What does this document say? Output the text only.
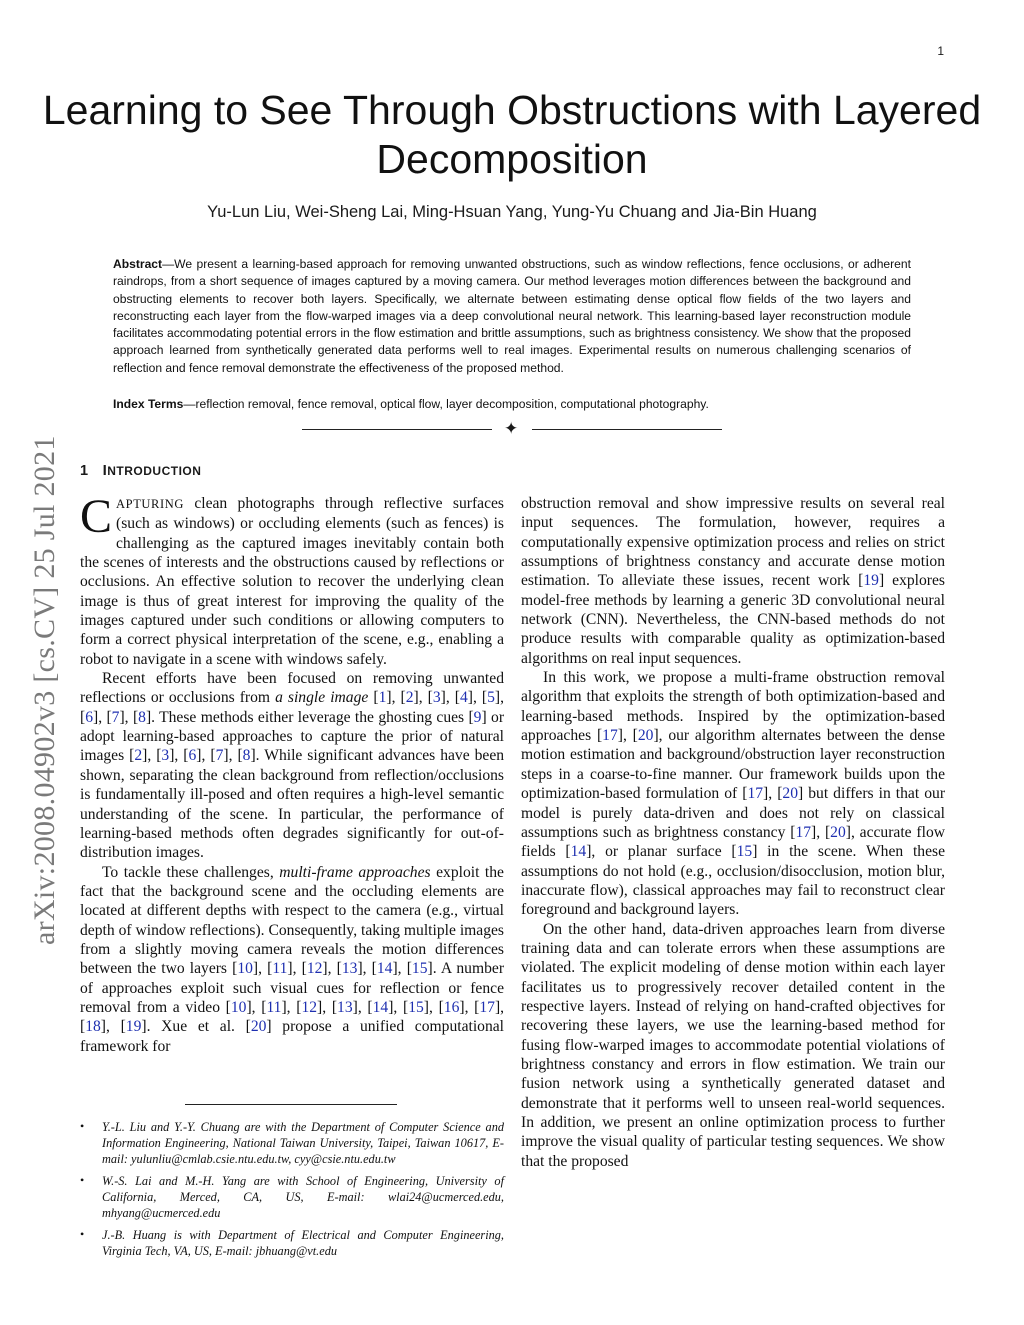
1
arXiv:2008.04902v3 [cs.CV] 25 Jul 2021
Learning to See Through Obstructions with Layered Decomposition
Yu-Lun Liu, Wei-Sheng Lai, Ming-Hsuan Yang, Yung-Yu Chuang and Jia-Bin Huang
Abstract—We present a learning-based approach for removing unwanted obstructions, such as window reflections, fence occlusions, or adherent raindrops, from a short sequence of images captured by a moving camera. Our method leverages motion differences between the background and obstructing elements to recover both layers. Specifically, we alternate between estimating dense optical flow fields of the two layers and reconstructing each layer from the flow-warped images via a deep convolutional neural network. This learning-based layer reconstruction module facilitates accommodating potential errors in the flow estimation and brittle assumptions, such as brightness consistency. We show that the proposed approach learned from synthetically generated data performs well to real images. Experimental results on numerous challenging scenarios of reflection and fence removal demonstrate the effectiveness of the proposed method.
Index Terms—reflection removal, fence removal, optical flow, layer decomposition, computational photography.
✦
1 INTRODUCTION

CAPTURING clean photographs through reflective surfaces (such as windows) or occluding elements (such as fences) is challenging as the captured images inevitably contain both the scenes of interests and the obstructions caused by reflections or occlusions. An effective solution to recover the underlying clean image is thus of great interest for improving the quality of the images captured under such conditions or allowing computers to form a correct physical interpretation of the scene, e.g., enabling a robot to navigate in a scene with windows safely.

Recent efforts have been focused on removing unwanted reflections or occlusions from a single image [1], [2], [3], [4], [5], [6], [7], [8]. These methods either leverage the ghosting cues [9] or adopt learning-based approaches to capture the prior of natural images [2], [3], [6], [7], [8]. While significant advances have been shown, separating the clean background from reflection/occlusions is fundamentally ill-posed and often requires a high-level semantic understanding of the scene. In particular, the performance of learning-based methods often degrades significantly for out-of-distribution images.

To tackle these challenges, multi-frame approaches exploit the fact that the background scene and the occluding elements are located at different depths with respect to the camera (e.g., virtual depth of window reflections). Consequently, taking multiple images from a slightly moving camera reveals the motion differences between the two layers [10], [11], [12], [13], [14], [15]. A number of approaches exploit such visual cues for reflection or fence removal from a video [10], [11], [12], [13], [14], [15], [16], [17], [18], [19]. Xue et al. [20] propose a unified computational framework for

obstruction removal and show impressive results on several real input sequences. The formulation, however, requires a computationally expensive optimization process and relies on strict assumptions of brightness constancy and accurate dense motion estimation. To alleviate these issues, recent work [19] explores model-free methods by learning a generic 3D convolutional neural network (CNN). Nevertheless, the CNN-based methods do not produce results with comparable quality as optimization-based algorithms on real input sequences.

In this work, we propose a multi-frame obstruction removal algorithm that exploits the strength of both optimization-based and learning-based methods. Inspired by the optimization-based approaches [17], [20], our algorithm alternates between the dense motion estimation and background/obstruction layer reconstruction steps in a coarse-to-fine manner. Our framework builds upon the optimization-based formulation of [17], [20] but differs in that our model is purely data-driven and does not rely on classical assumptions such as brightness constancy [17], [20], accurate flow fields [14], or planar surface [15] in the scene. When these assumptions do not hold (e.g., occlusion/disocclusion, motion blur, inaccurate flow), classical approaches may fail to reconstruct clear foreground and background layers.

On the other hand, data-driven approaches learn from diverse training data and can tolerate errors when these assumptions are violated. The explicit modeling of dense motion within each layer facilitates us to progressively recover detailed content in the respective layers. Instead of relying on hand-crafted objectives for recovering these layers, we use the learning-based method for fusing flow-warped images to accommodate potential violations of brightness constancy and errors in flow estimation. We train our fusion network using a synthetically generated dataset and demonstrate that it performs well to unseen real-world sequences. In addition, we present an online optimization process to further improve the visual quality of particular testing sequences. We show that the proposed

• Y.-L. Liu and Y.-Y. Chuang are with the Department of Computer Science and Information Engineering, National Taiwan University, Taipei, Taiwan 10617, E-mail: yulunliu@cmlab.csie.ntu.edu.tw, cyy@csie.ntu.edu.tw
• W.-S. Lai and M.-H. Yang are with School of Engineering, University of California, Merced, CA, US, E-mail: wlai24@ucmerced.edu, mhyang@ucmerced.edu
• J.-B. Huang is with Department of Electrical and Computer Engineering, Virginia Tech, VA, US, E-mail: jbhuang@vt.edu
